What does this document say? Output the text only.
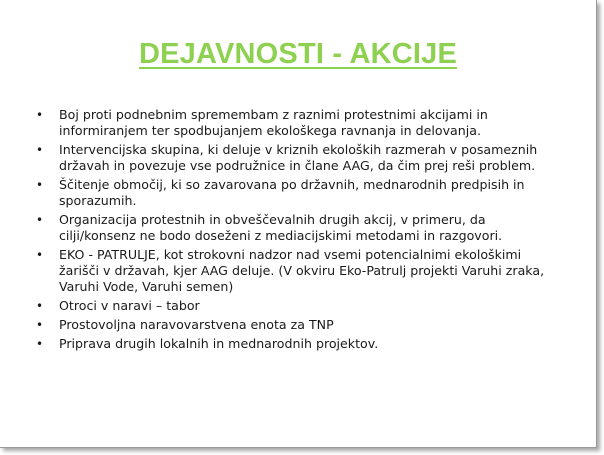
DEJAVNOSTI - AKCIJE
• Boj proti podnebnim spremembam z raznimi protestnimi akcijami in informiranjem ter spodbujanjem ekološkega ravnanja in delovanja.
• Intervencijska skupina, ki deluje v kriznih ekoloških razmerah v posameznih državah in povezuje vse podružnice in člane AAG, da čim prej reši problem.
• Ščitenje območij, ki so zavarovana po državnih, mednarodnih predpisih in sporazumih.
• Organizacija protestnih in obveščevalnih drugih akcij, v primeru, da cilji/konsenz ne bodo doseženi z mediacijskimi metodami in razgovori.
• EKO - PATRULJE, kot strokovni nadzor nad vsemi potencialnimi ekološkimi žarišči v državah, kjer AAG deluje. (V okviru Eko-Patrulj projekti Varuhi zraka, Varuhi Vode, Varuhi semen)
• Otroci v naravi – tabor
• Prostovoljna naravovarstvena enota za TNP
• Priprava drugih lokalnih in mednarodnih projektov.
